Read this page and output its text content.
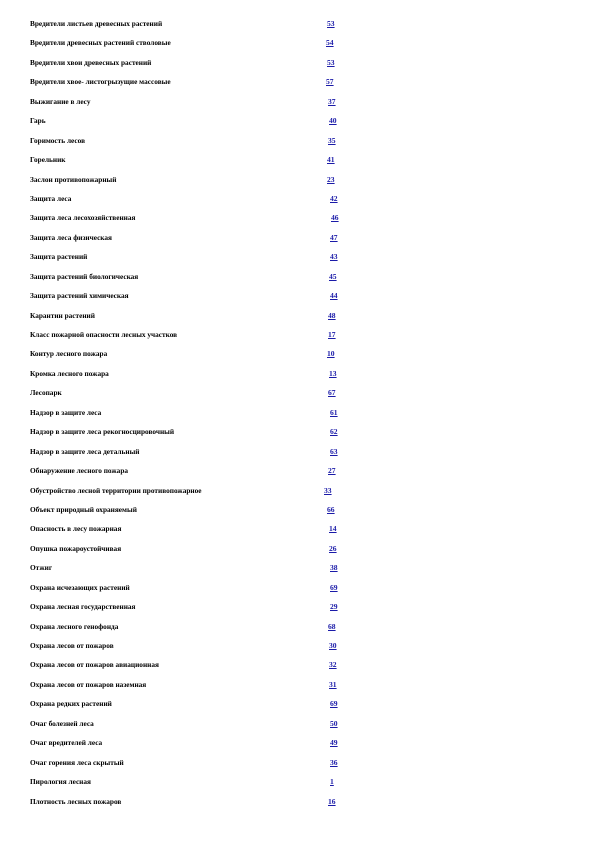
Вредители листьев древесных растений	53
Вредители древесных растений стволовые	54
Вредители хвои древесных растений	53
Вредители хвое- листогрызущие массовые	57
Выжигание в лесу	37
Гарь	40
Горимость лесов	35
Горельник	41
Заслон противопожарный	23
Защита леса	42
Защита леса лесохозяйственная	46
Защита леса физическая	47
Защита растений	43
Защита растений биологическая	45
Защита растений химическая	44
Карантин растений	48
Класс пожарной опасности лесных участков	17
Контур лесного пожара	10
Кромка лесного пожара	13
Лесопарк	67
Надзор в защите леса	61
Надзор в защите леса рекогносцировочный	62
Надзор в защите леса детальный	63
Обнаружение лесного пожара	27
Обустройство лесной территории противопожарное	33
Объект природный охраняемый	66
Опасность в лесу пожарная	14
Опушка пожароустойчивая	26
Отжиг	38
Охрана исчезающих растений	69
Охрана лесная государственная	29
Охрана лесного генофонда	68
Охрана лесов от пожаров	30
Охрана лесов от пожаров авиационная	32
Охрана лесов от пожаров наземная	31
Охрана редких растений	69
Очаг болезней леса	50
Очаг вредителей леса	49
Очаг горения леса скрытый	36
Пирология лесная	1
Плотность лесных пожаров	16
